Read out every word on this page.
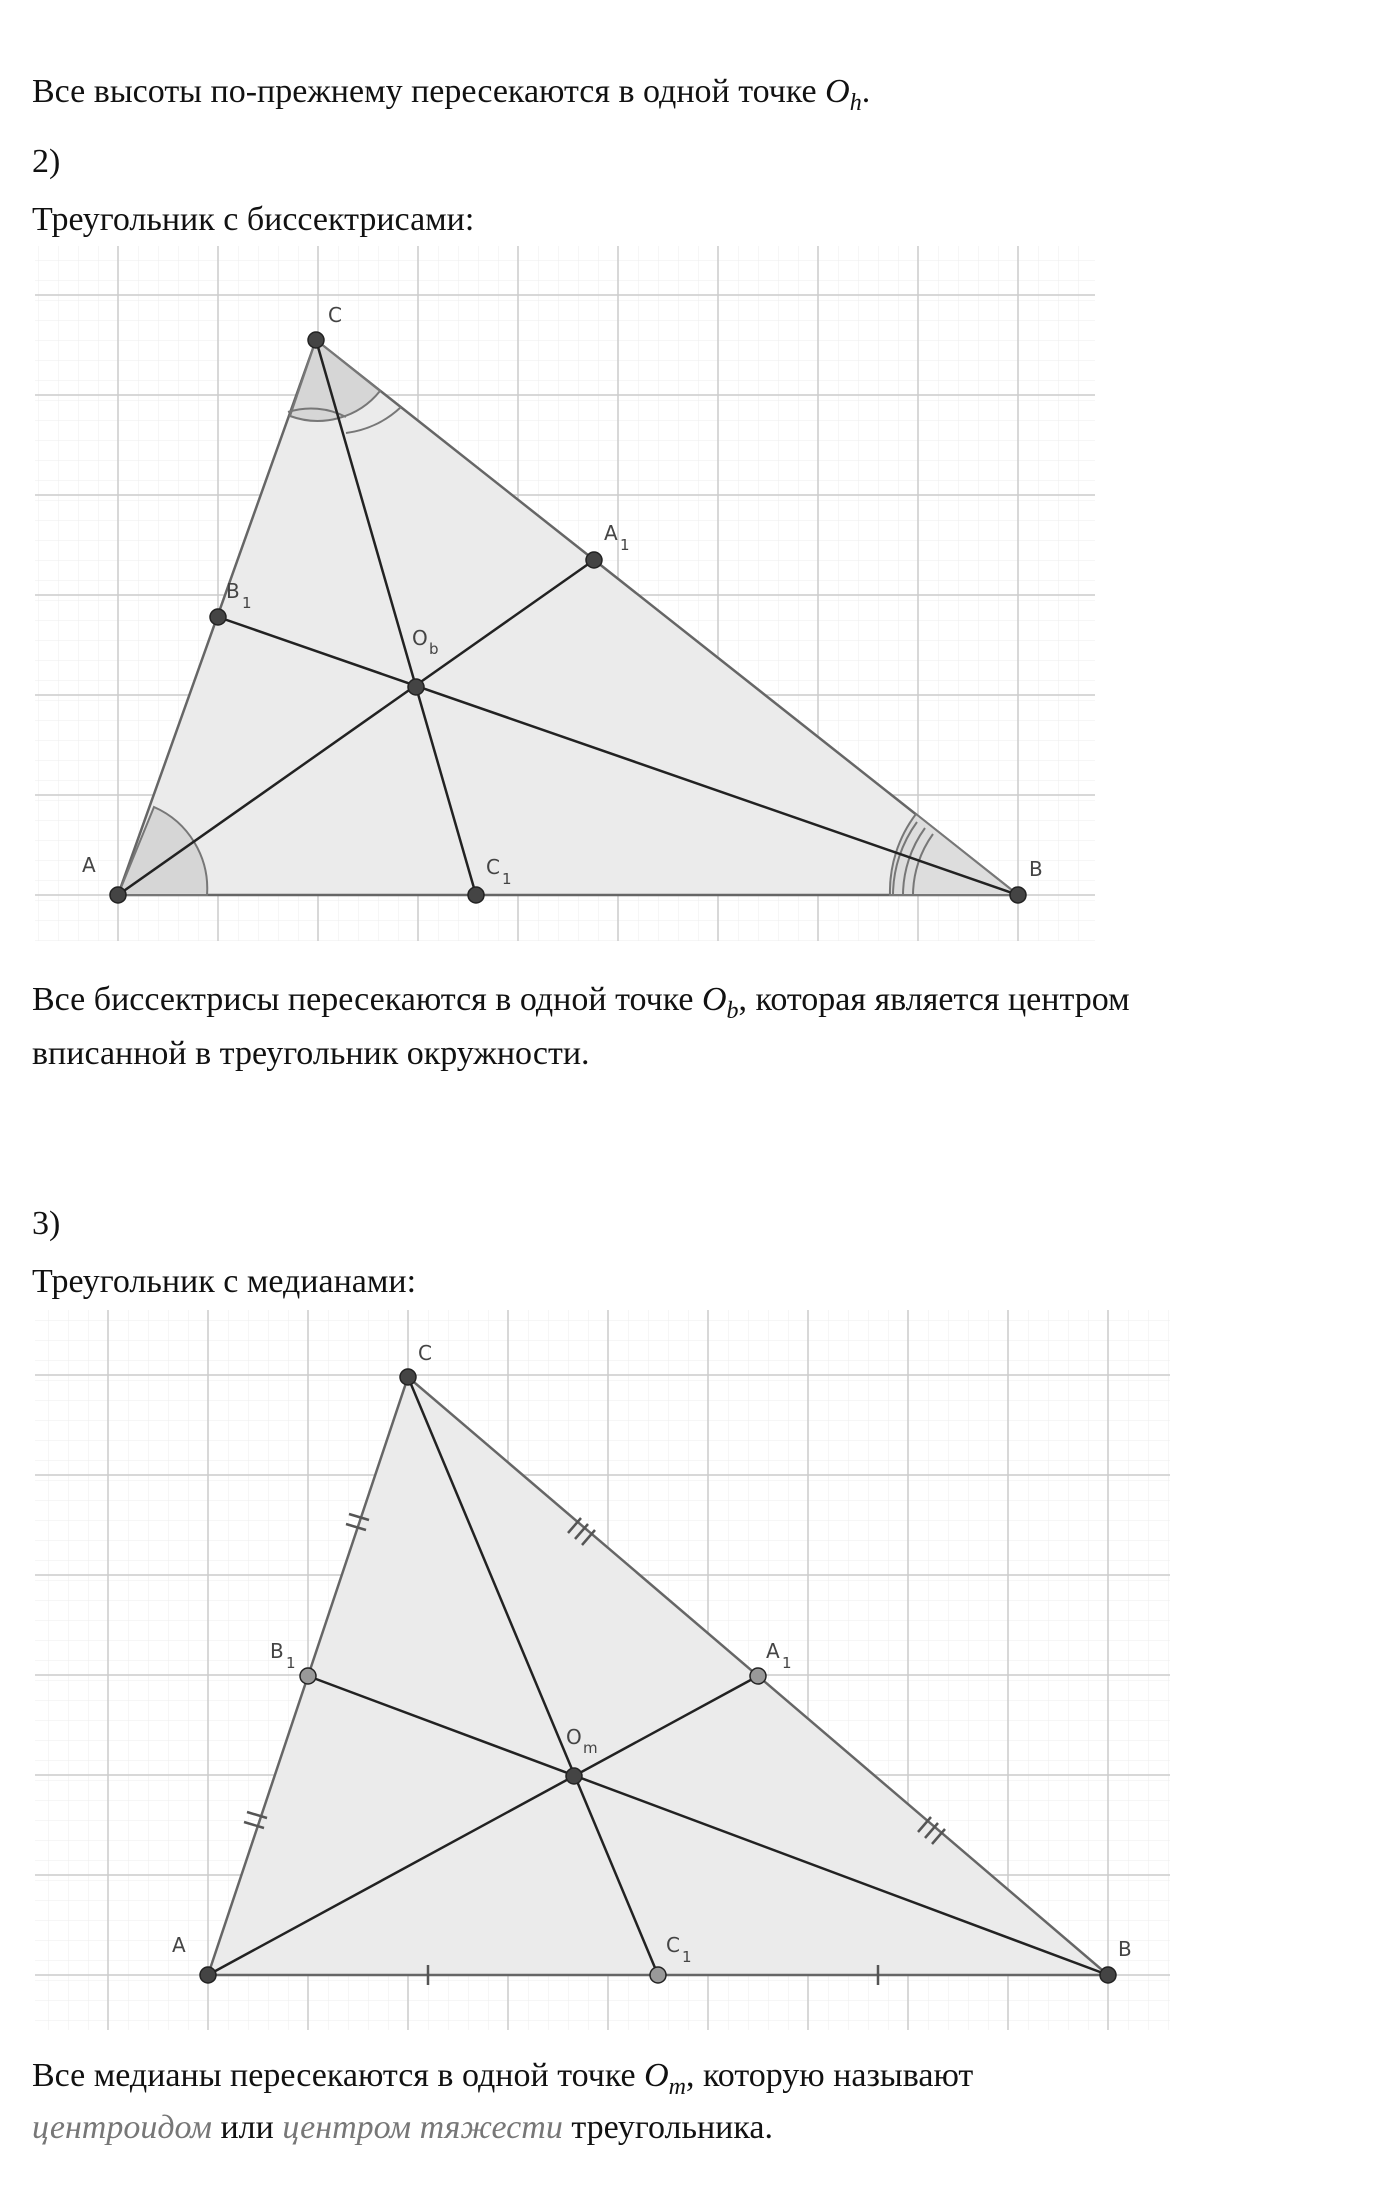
Все высоты по-прежнему пересекаются в одной точке $O_h$.
2)
Треугольник с биссектрисами:
A	B
C
A 1
B 1
C 1
O b
Все биссектрисы пересекаются в одной точке $O_b$, которая является центром
вписанной в треугольник окружности.
3)
Треугольник с медианами:
A	B
C
A 1
B 1
C 1
O m
Все медианы пересекаются в одной точке $O_m$, которую называют
центроидом или центром тяжести треугольника.
